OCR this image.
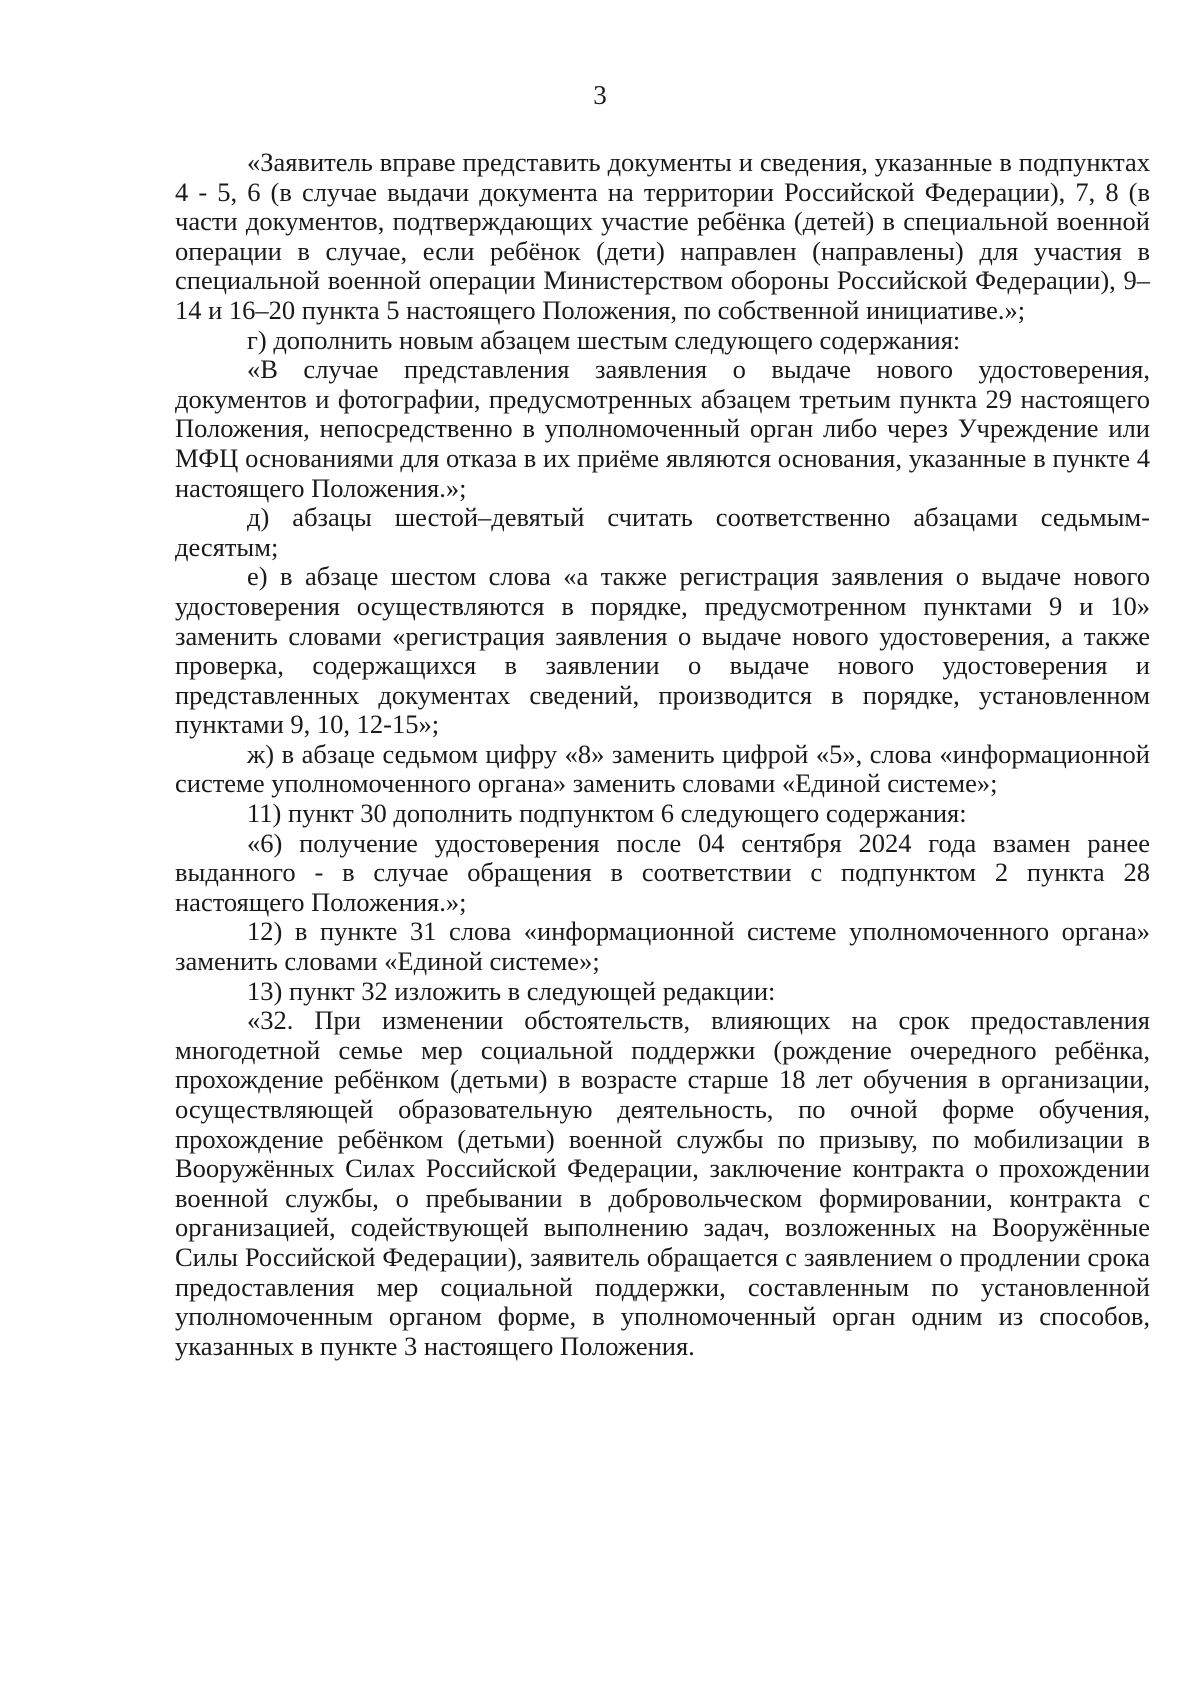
3

«Заявитель вправе представить документы и сведения, указанные в подпунктах 4 - 5, 6 (в случае выдачи документа на территории Российской Федерации), 7, 8 (в части документов, подтверждающих участие ребёнка (детей) в специальной военной операции в случае, если ребёнок (дети) направлен (направлены) для участия в специальной военной операции Министерством обороны Российской Федерации), 9–14 и 16–20 пункта 5 настоящего Положения, по собственной инициативе.»;

г) дополнить новым абзацем шестым следующего содержания:

«В случае представления заявления о выдаче нового удостоверения, документов и фотографии, предусмотренных абзацем третьим пункта 29 настоящего Положения, непосредственно в уполномоченный орган либо через Учреждение или МФЦ основаниями для отказа в их приёме являются основания, указанные в пункте 4 настоящего Положения.»;

д) абзацы шестой–девятый считать соответственно абзацами седьмым-десятым;

е) в абзаце шестом слова «а также регистрация заявления о выдаче нового удостоверения осуществляются в порядке, предусмотренном пунктами 9 и 10» заменить словами «регистрация заявления о выдаче нового удостоверения, а также проверка, содержащихся в заявлении о выдаче нового удостоверения и представленных документах сведений, производится в порядке, установленном пунктами 9, 10, 12-15»;

ж) в абзаце седьмом цифру «8» заменить цифрой «5», слова «информационной системе уполномоченного органа» заменить словами «Единой системе»;

11) пункт 30 дополнить подпунктом 6 следующего содержания:

«6) получение удостоверения после 04 сентября 2024 года взамен ранее выданного - в случае обращения в соответствии с подпунктом 2 пункта 28 настоящего Положения.»;

12) в пункте 31 слова «информационной системе уполномоченного органа» заменить словами «Единой системе»;

13) пункт 32 изложить в следующей редакции:

«32. При изменении обстоятельств, влияющих на срок предоставления многодетной семье мер социальной поддержки (рождение очередного ребёнка, прохождение ребёнком (детьми) в возрасте старше 18 лет обучения в организации, осуществляющей образовательную деятельность, по очной форме обучения, прохождение ребёнком (детьми) военной службы по призыву, по мобилизации в Вооружённых Силах Российской Федерации, заключение контракта о прохождении военной службы, о пребывании в добровольческом формировании, контракта с организацией, содействующей выполнению задач, возложенных на Вооружённые Силы Российской Федерации), заявитель обращается с заявлением о продлении срока предоставления мер социальной поддержки, составленным по установленной уполномоченным органом форме, в уполномоченный орган одним из способов, указанных в пункте 3 настоящего Положения.
